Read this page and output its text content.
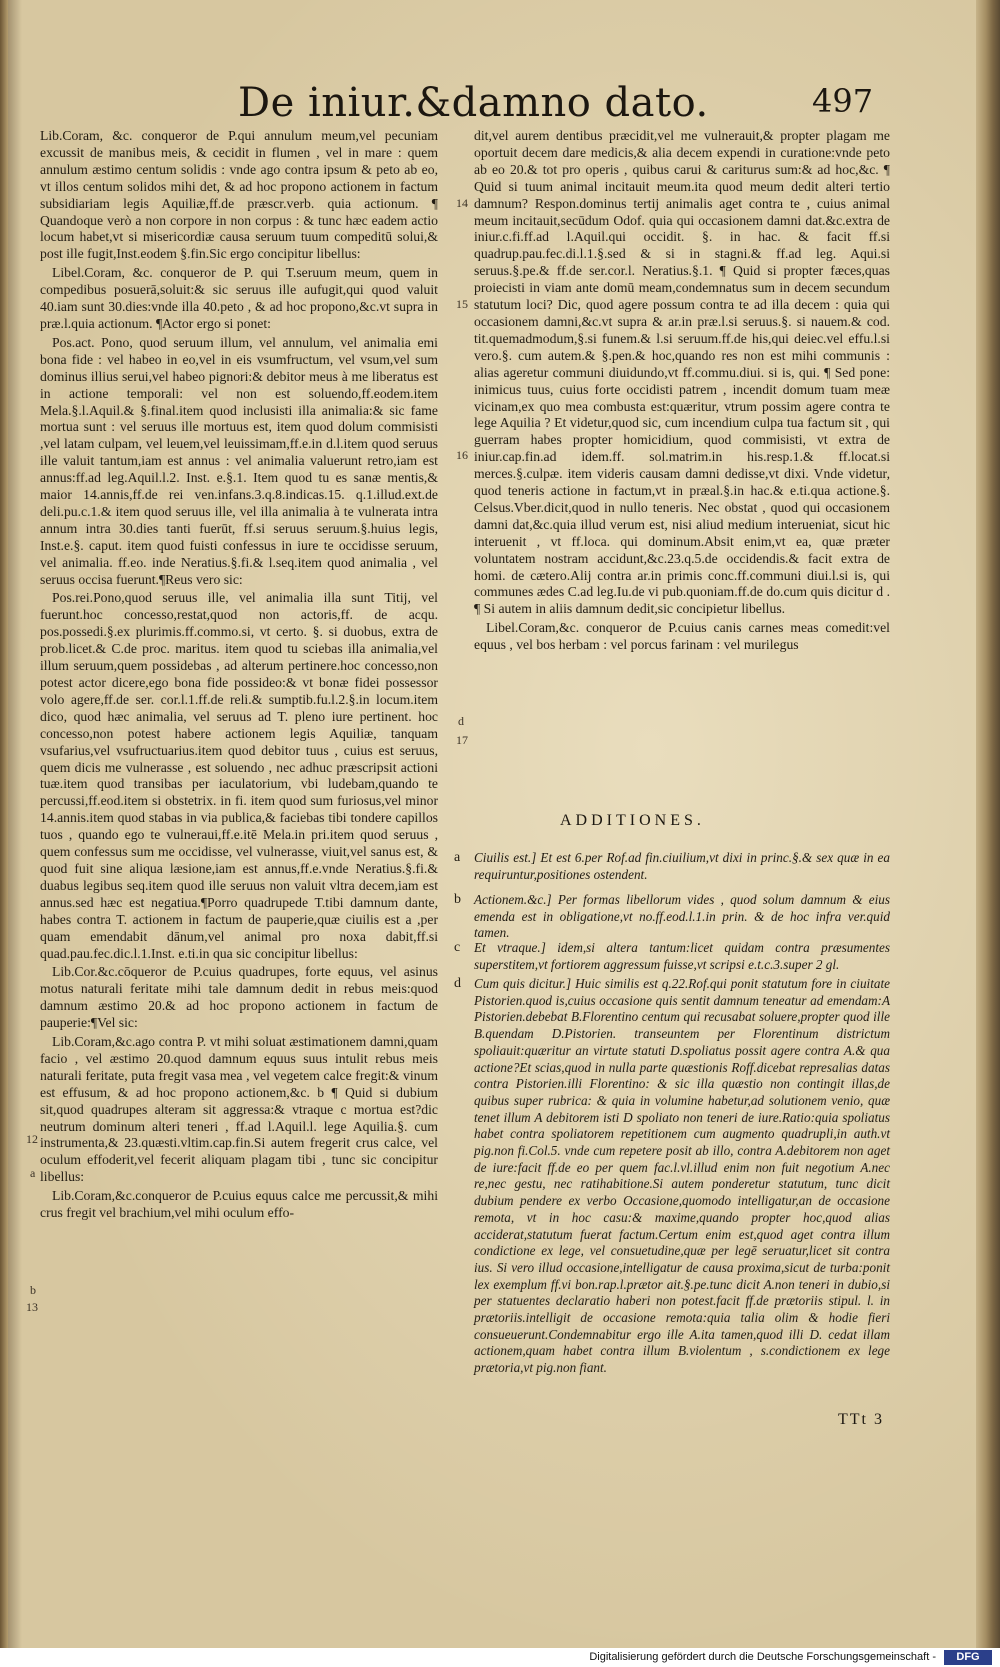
De iniur.&damno dato.	497

Lib.Coram, &c. conqueror de P.qui annulum meum,vel pecuniam excussit de manibus meis, & cecidit in flumen , vel in mare : quem annulum æstimo centum solidis : vnde ago contra ipsum & peto ab eo, vt illos centum solidos mihi det, & ad hoc propono actionem in factum subsidiariam legis Aquiliæ,ff.de præscr.verb. quia actionum. ¶ Quandoque verò a non corpore in non corpus : & tunc hæc eadem actio locum habet,vt si misericordiæ causa seruum tuum compeditū solui,& post ille fugit,Inst.eodem §.fin.Sic ergo concipitur libellus:

Libel.Coram, &c. conqueror de P. qui T.seruum meum, quem in compedibus posuerā,soluit:& sic seruus ille aufugit,qui quod valuit 40.iam sunt 30.dies:vnde illa 40.peto , & ad hoc propono,&c.vt supra in præ.l.quia actionum. ¶Actor ergo si ponet:

Pos.act. Pono, quod seruum illum, vel annulum, vel animalia emi bona fide : vel habeo in eo,vel in eis vsumfructum, vel vsum,vel sum dominus illius serui,vel habeo pignori:& debitor meus à me liberatus est in actione temporali: vel non est soluendo,ff.eodem.item Mela.§.l.Aquil.& §.final.item quod inclusisti illa animalia:& sic fame mortua sunt : vel seruus ille mortuus est, item quod dolum commisisti ,vel latam culpam, vel leuem,vel leuissimam,ff.e.in d.l.item quod seruus ille valuit tantum,iam est annus : vel animalia valuerunt retro,iam est annus:ff.ad leg.Aquil.l.2. Inst. e.§.1. Item quod tu es sanæ mentis,& maior 14.annis,ff.de rei ven.infans.3.q.8.indicas.15. q.1.illud.ext.de deli.pu.c.1.& item quod seruus ille, vel illa animalia à te vulnerata intra annum intra 30.dies tanti fuerūt, ff.si seruus seruum.§.huius legis, Inst.e.§. caput. item quod fuisti confessus in iure te occidisse seruum, vel animalia. ff.eo. inde Neratius.§.fi.& l.seq.item quod animalia , vel seruus occisa fuerunt.¶Reus vero sic:

Pos.rei.Pono,quod seruus ille, vel animalia illa sunt Titij, vel fuerunt.hoc concesso,restat,quod non actoris,ff. de acqu. pos.possedi.§.ex plurimis.ff.commo.si, vt certo. §. si duobus, extra de prob.licet.& C.de proc. maritus. item quod tu sciebas illa animalia,vel illum seruum,quem possidebas , ad alterum pertinere.hoc concesso,non potest actor dicere,ego bona fide possideo:& vt bonæ fidei possessor volo agere,ff.de ser. cor.l.1.ff.de reli.& sumptib.fu.l.2.§.in locum.item dico, quod hæc animalia, vel seruus ad T. pleno iure pertinent. hoc concesso,non potest habere actionem legis Aquiliæ, tanquam vsufarius,vel vsufructuarius.item quod debitor tuus , cuius est seruus, quem dicis me vulnerasse , est soluendo , nec adhuc præscripsit actioni tuæ.item quod transibas per iaculatorium, vbi ludebam,quando te percussi,ff.eod.item si obstetrix. in fi. item quod sum furiosus,vel minor 14.annis.item quod stabas in via publica,& faciebas tibi tondere capillos tuos , quando ego te vulneraui,ff.e.itē Mela.in pri.item quod seruus , quem confessus sum me occidisse, vel vulnerasse, viuit,vel sanus est, & quod fuit sine aliqua læsione,iam est annus,ff.e.vnde Neratius.§.fi.& duabus legibus seq.item quod ille seruus non valuit vltra decem,iam est annus.sed hæc est negatiua.¶Porro quadrupede T.tibi damnum dante, habes contra T. actionem in factum de pauperie,quæ ciuilis est a ,per quam emendabit dānum,vel animal pro noxa dabit,ff.si quad.pau.fec.dic.l.1.Inst. e.ti.in qua sic concipitur libellus:

Lib.Cor.&c.cōqueror de P.cuius quadrupes, forte equus, vel asinus motus naturali feritate mihi tale damnum dedit in rebus meis:quod damnum æstimo 20.& ad hoc propono actionem in factum de pauperie:¶Vel sic:

Lib.Coram,&c.ago contra P. vt mihi soluat æstimationem damni,quam facio , vel æstimo 20.quod damnum equus suus intulit rebus meis naturali feritate, puta fregit vasa mea , vel vegetem calce fregit:& vinum est effusum, & ad hoc propono actionem,&c. b ¶ Quid si dubium sit,quod quadrupes alteram sit aggressa:& vtraque c mortua est?dic neutrum dominum alteri teneri , ff.ad l.Aquil.l. lege Aquilia.§. cum instrumenta,& 23.quæsti.vltim.cap.fin.Si autem fregerit crus calce, vel oculum effoderit,vel fecerit aliquam plagam tibi , tunc sic concipitur libellus:

Lib.Coram,&c.conqueror de P.cuius equus calce me percussit,& mihi crus fregit vel brachium,vel mihi oculum effo-

dit,vel aurem dentibus præcidit,vel me vulnerauit,& propter plagam me oportuit decem dare medicis,& alia decem expendi in curatione:vnde peto ab eo 20.& tot pro operis , quibus carui & cariturus sum:& ad hoc,&c. ¶ Quid si tuum animal incitauit meum.ita quod meum dedit alteri tertio damnum? Respon.dominus tertij animalis aget contra te , cuius animal meum incitauit,secūdum Odof. quia qui occasionem damni dat.&c.extra de iniur.c.fi.ff.ad l.Aquil.qui occidit. §. in hac. & facit ff.si quadrup.pau.fec.di.l.1.§.sed & si in stagni.& ff.ad leg. Aqui.si seruus.§.pe.& ff.de ser.cor.l. Neratius.§.1. ¶ Quid si propter fæces,quas proiecisti in viam ante domū meam,condemnatus sum in decem secundum statutum loci? Dic, quod agere possum contra te ad illa decem : quia qui occasionem damni,&c.vt supra & ar.in præ.l.si seruus.§. si nauem.& cod. tit.quemadmodum,§.si funem.& l.si seruum.ff.de his,qui deiec.vel effu.l.si vero.§. cum autem.& §.pen.& hoc,quando res non est mihi communis : alias ageretur communi diuidundo,vt ff.commu.diui. si is, qui. ¶ Sed pone: inimicus tuus, cuius forte occidisti patrem , incendit domum tuam meæ vicinam,ex quo mea combusta est:quæritur, vtrum possim agere contra te lege Aquilia ? Et videtur,quod sic, cum incendium culpa tua factum sit , qui guerram habes propter homicidium, quod commisisti, vt extra de iniur.cap.fin.ad idem.ff. sol.matrim.in his.resp.1.& ff.locat.si merces.§.culpæ. item videris causam damni dedisse,vt dixi. Vnde videtur, quod teneris actione in factum,vt in præal.§.in hac.& e.ti.qua actione.§. Celsus.Vber.dicit,quod in nullo teneris. Nec obstat , quod qui occasionem damni dat,&c.quia illud verum est, nisi aliud medium interueniat, sicut hic interuenit , vt ff.loca. qui dominum.Absit enim,vt ea, quæ præter voluntatem nostram accidunt,&c.23.q.5.de occidendis.& facit extra de homi. de cætero.Alij contra ar.in primis conc.ff.communi diui.l.si is, qui communes ædes C.ad leg.Iu.de vi pub.quoniam.ff.de do.cum quis dicitur d . ¶ Si autem in aliis damnum dedit,sic concipietur libellus.

Libel.Coram,&c. conqueror de P.cuius canis carnes meas comedit:vel equus , vel bos herbam : vel porcus farinam : vel murilegus

14
15
16
d
17
12
a
b
13
ADDITIONES.
a Ciuilis est.] Et est 6.per Rof.ad fin.ciuilium,vt dixi in princ.§.& sex quæ in ea requiruntur,positiones ostendent.
b Actionem.&c.] Per formas libellorum vides , quod solum damnum & eius emenda est in obligatione,vt no.ff.eod.l.1.in prin. & de hoc infra ver.quid tamen.
c Et vtraque.] idem,si altera tantum:licet quidam contra præsumentes superstitem,vt fortiorem aggressum fuisse,vt scripsi e.t.c.3.super 2 gl.
d Cum quis dicitur.] Huic similis est q.22.Rof.qui ponit statutum fore in ciuitate Pistorien.quod is,cuius occasione quis sentit damnum teneatur ad emendam:A Pistorien.debebat B.Florentino centum qui recusabat soluere,propter quod ille B.quendam D.Pistorien. transeuntem per Florentinum districtum spoliauit:quæritur an virtute statuti D.spoliatus possit agere contra A.& qua actione?Et scias,quod in nulla parte quæstionis Roff.dicebat represalias datas contra Pistorien.illi Florentino: & sic illa quæstio non contingit illas,de quibus super rubrica: & quia in volumine habetur,ad solutionem venio, quæ tenet illum A debitorem isti D spoliato non teneri de iure.Ratio:quia spoliatus habet contra spoliatorem repetitionem cum augmento quadrupli,in auth.vt pig.non fi.Col.5. vnde cum repetere posit ab illo, contra A.debitorem non aget de iure:facit ff.de eo per quem fac.l.vl.illud enim non fuit negotium A.nec re,nec gestu, nec ratihabitione.Si autem ponderetur statutum, tunc dicit dubium pendere ex verbo Occasione,quomodo intelligatur,an de occasione remota, vt in hoc casu:& maxime,quando propter hoc,quod alias acciderat,statutum fuerat factum.Certum enim est,quod aget contra illum condictione ex lege, vel consuetudine,quæ per legē seruatur,licet sit contra ius. Si vero illud occasione,intelligatur de causa proxima,sicut de turba:ponit lex exemplum ff.vi bon.rap.l.prætor ait.§.pe.tunc dicit A.non teneri in dubio,si per statuentes declaratio haberi non potest.facit ff.de prætoriis stipul. l. in prætoriis.intelligit de occasione remota:quia talia olim & hodie fieri consueuerunt.Condemnabitur ergo ille A.ita tamen,quod illi D. cedat illam actionem,quam habet contra illum B.violentum , s.condictionem ex lege prætoria,vt pig.non fiant.
TTt 3
Digitalisierung gefördert durch die Deutsche Forschungsgemeinschaft -	DFG
